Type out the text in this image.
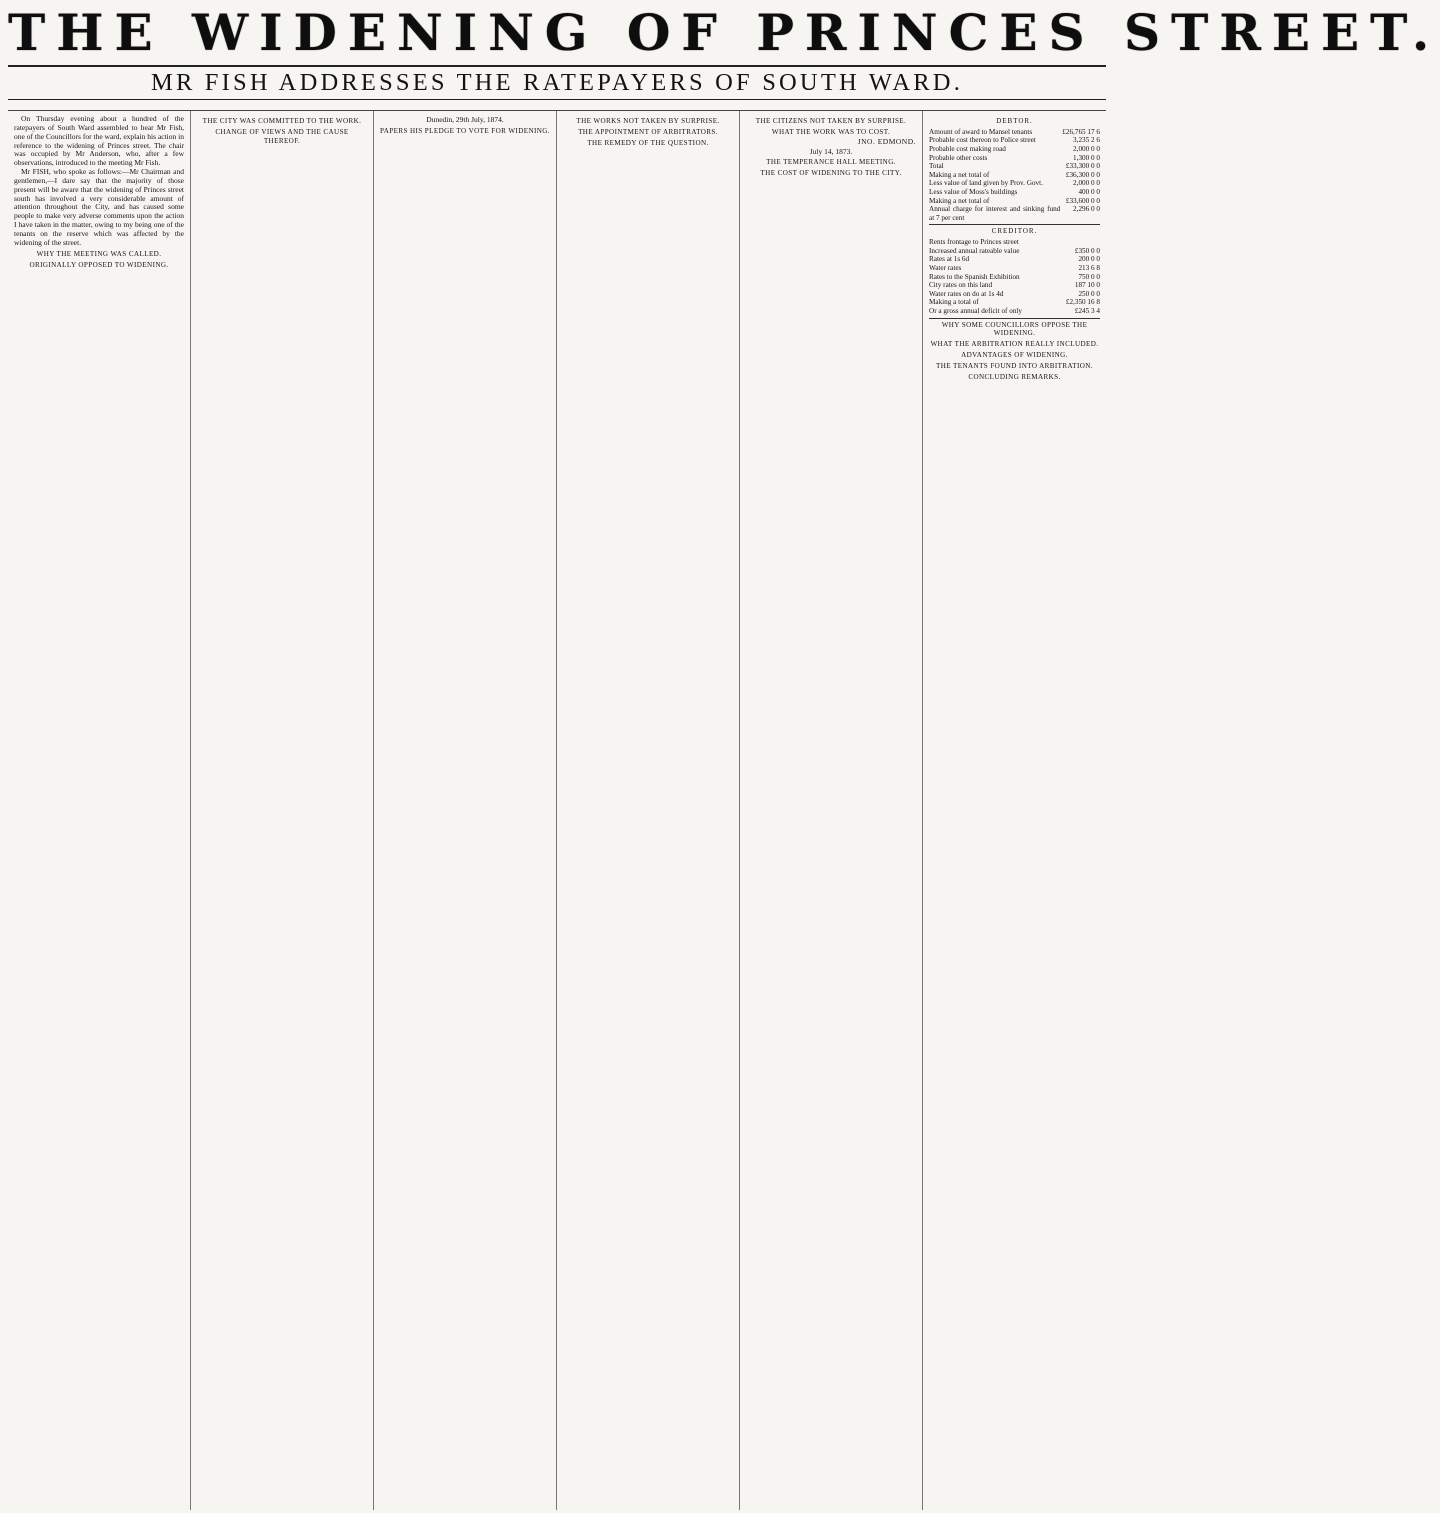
THE WIDENING OF PRINCES STREET.
MR FISH ADDRESSES THE RATEPAYERS OF SOUTH WARD.

On Thursday evening about a hundred of the ratepayers of South Ward assembled to hear Mr Fish, one of the Councillors for the ward, explain his action in reference to the widening of Princes street. The chair was occupied by Mr Anderson, who, after a few observations, introduced to the meeting Mr Fish.

Mr FISH, who spoke as follows:—Mr Chairman and gentlemen,—I dare say that the majority of those present will be aware that the widening of Princes street south has involved a very considerable amount of attention throughout the City, and has caused some people to make very adverse comments upon the action I have taken in the matter, owing to my being one of the tenants on the reserve which was affected by the widening of the street.

WHY THE MEETING WAS CALLED.
ORIGINALLY OPPOSED TO WIDENING.

THE CITY WAS COMMITTED TO THE WORK.
CHANGE OF VIEWS AND THE CAUSE THEREOF.

Dunedin, 29th July, 1874.
PAPERS HIS PLEDGE TO VOTE FOR WIDENING.

THE WORKS NOT TAKEN BY SURPRISE.
THE APPOINTMENT OF ARBITRATORS.
THE REMEDY OF THE QUESTION.
THE CITIZENS NOT TAKEN BY SURPRISE.

WHAT THE WORK WAS TO COST.
JNO. EDMOND.
July 14, 1873.
THE TEMPERANCE HALL MEETING.
THE COST OF WIDENING TO THE CITY.
DEBTOR.
Amount of award to Mansel tenants	£26,765 17 6
Probable cost thereon to Police street	3,235 2 6
Probable cost making road	2,000 0 0
Probable other costs	1,300 0 0
Total	£33,300 0 0
Making a net total of	£36,300 0 0
Less value of land given by Prov. Govt.	2,000 0 0
Less value of Moss's buildings	400 0 0
Making a net total of	£33,600 0 0
Annual charge for interest and sinking fund at 7 per cent	2,296 0 0
CREDITOR.
Rents frontage to Princes street	
Increased annual rateable value	£350 0 0
Rates at 1s 6d	200 0 0
Water rates	213 6 8
Rates to the Spanish Exhibition	750 0 0
City rates on this land	187 10 0
Water rates on do at 1s 4d	250 0 0
Making a total of	£2,350 16 8
Or a gross annual deficit of only	£245 3 4

WHY SOME COUNCILLORS OPPOSE THE WIDENING.
WHAT THE ARBITRATION REALLY INCLUDED.
ADVANTAGES OF WIDENING.
THE TENANTS FOUND INTO ARBITRATION.
CONCLUDING REMARKS.
